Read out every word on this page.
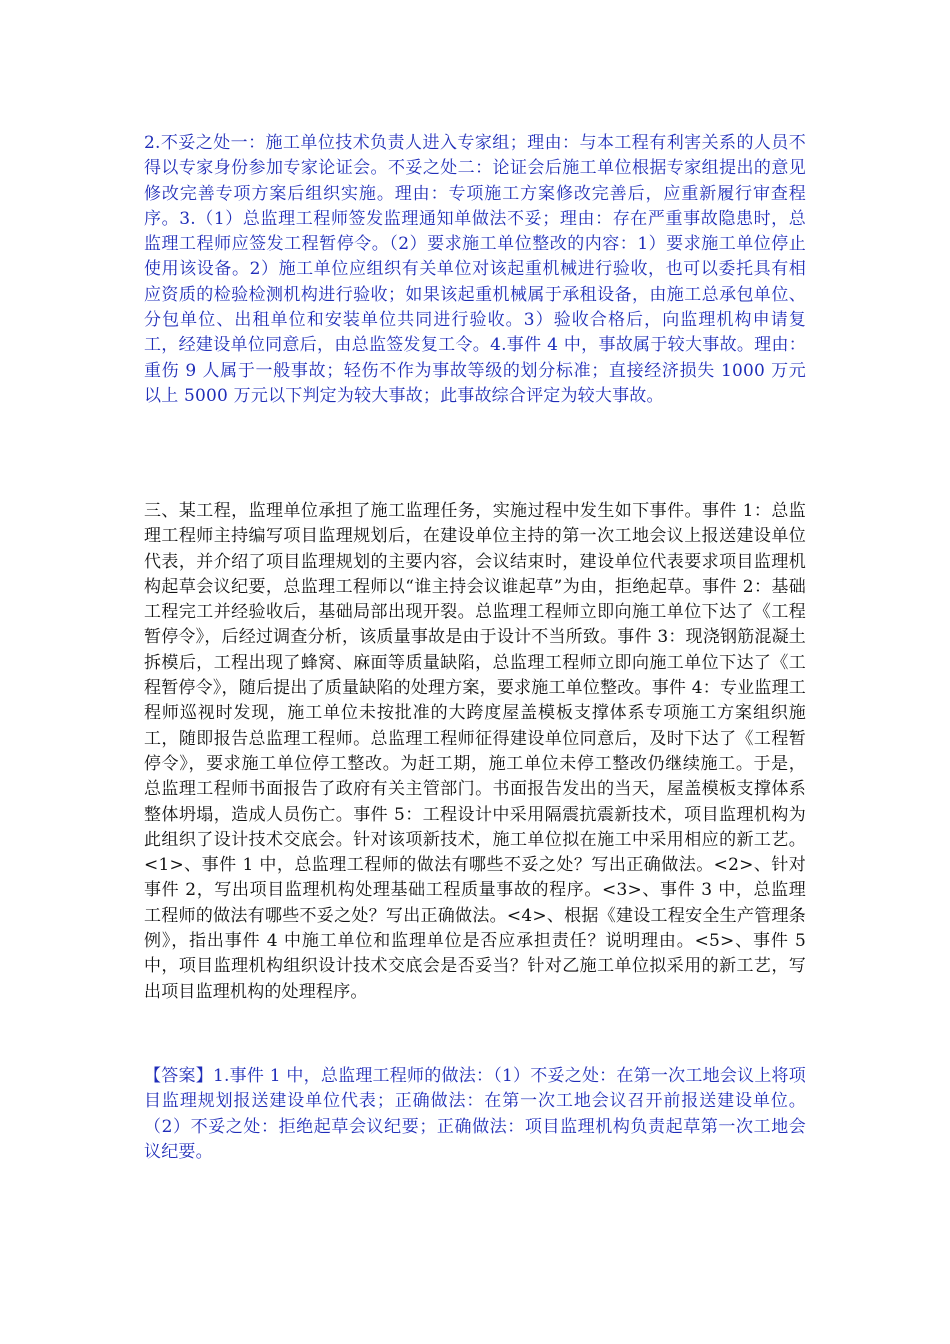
2.不妥之处一：施工单位技术负责人进入专家组；理由：与本工程有利害关系的人员不得以专家身份参加专家论证会。不妥之处二：论证会后施工单位根据专家组提出的意见修改完善专项方案后组织实施。理由：专项施工方案修改完善后，应重新履行审查程序。3.（1）总监理工程师签发监理通知单做法不妥；理由：存在严重事故隐患时，总监理工程师应签发工程暂停令。（2）要求施工单位整改的内容：1）要求施工单位停止使用该设备。2）施工单位应组织有关单位对该起重机械进行验收，也可以委托具有相应资质的检验检测机构进行验收；如果该起重机械属于承租设备，由施工总承包单位、分包单位、出租单位和安装单位共同进行验收。3）验收合格后，向监理机构申请复工，经建设单位同意后，由总监签发复工令。4.事件 4 中，事故属于较大事故。理由：重伤 9 人属于一般事故；轻伤不作为事故等级的划分标准；直接经济损失 1000 万元以上 5000 万元以下判定为较大事故；此事故综合评定为较大事故。

三、某工程，监理单位承担了施工监理任务，实施过程中发生如下事件。事件 1：总监理工程师主持编写项目监理规划后，在建设单位主持的第一次工地会议上报送建设单位代表，并介绍了项目监理规划的主要内容，会议结束时，建设单位代表要求项目监理机构起草会议纪要，总监理工程师以“谁主持会议谁起草”为由，拒绝起草。事件 2：基础工程完工并经验收后，基础局部出现开裂。总监理工程师立即向施工单位下达了《工程暂停令》，后经过调查分析，该质量事故是由于设计不当所致。事件 3：现浇钢筋混凝土拆模后，工程出现了蜂窝、麻面等质量缺陷，总监理工程师立即向施工单位下达了《工程暂停令》，随后提出了质量缺陷的处理方案，要求施工单位整改。事件 4：专业监理工程师巡视时发现，施工单位未按批准的大跨度屋盖模板支撑体系专项施工方案组织施工，随即报告总监理工程师。总监理工程师征得建设单位同意后，及时下达了《工程暂停令》，要求施工单位停工整改。为赶工期，施工单位未停工整改仍继续施工。于是，总监理工程师书面报告了政府有关主管部门。书面报告发出的当天，屋盖模板支撑体系整体坍塌，造成人员伤亡。事件 5：工程设计中采用隔震抗震新技术，项目监理机构为此组织了设计技术交底会。针对该项新技术，施工单位拟在施工中采用相应的新工艺。<1>、事件 1 中，总监理工程师的做法有哪些不妥之处？写出正确做法。<2>、针对事件 2，写出项目监理机构处理基础工程质量事故的程序。<3>、事件 3 中，总监理工程师的做法有哪些不妥之处？写出正确做法。<4>、根据《建设工程安全生产管理条例》，指出事件 4 中施工单位和监理单位是否应承担责任？说明理由。<5>、事件 5 中，项目监理机构组织设计技术交底会是否妥当？针对乙施工单位拟采用的新工艺，写出项目监理机构的处理程序。

【答案】1.事件 1 中，总监理工程师的做法：（1）不妥之处：在第一次工地会议上将项目监理规划报送建设单位代表；正确做法：在第一次工地会议召开前报送建设单位。（2）不妥之处：拒绝起草会议纪要；正确做法：项目监理机构负责起草第一次工地会议纪要。
